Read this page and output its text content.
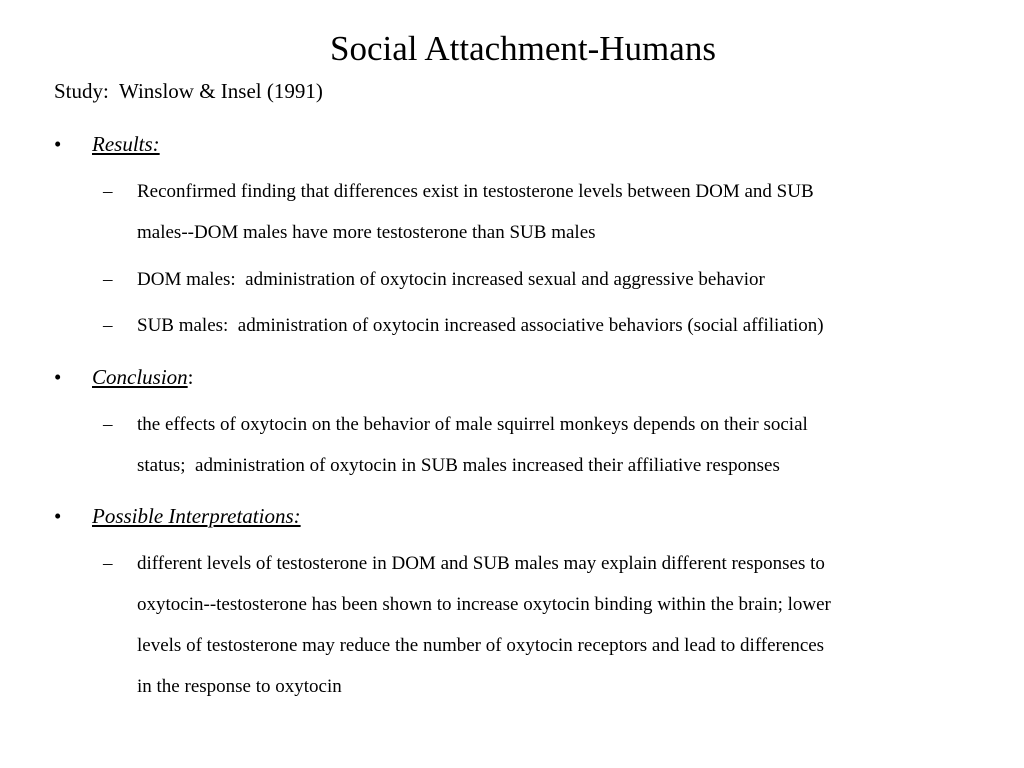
Social Attachment-Humans
Study:  Winslow & Insel (1991)
• Results:
– Reconfirmed finding that differences exist in testosterone levels between DOM and SUB
males--DOM males have more testosterone than SUB males
– DOM males:  administration of oxytocin increased sexual and aggressive behavior
– SUB males:  administration of oxytocin increased associative behaviors (social affiliation)
• Conclusion:
– the effects of oxytocin on the behavior of male squirrel monkeys depends on their social
status;  administration of oxytocin in SUB males increased their affiliative responses
• Possible Interpretations:
– different levels of testosterone in DOM and SUB males may explain different responses to
oxytocin--testosterone has been shown to increase oxytocin binding within the brain; lower
levels of testosterone may reduce the number of oxytocin receptors and lead to differences
in the response to oxytocin
